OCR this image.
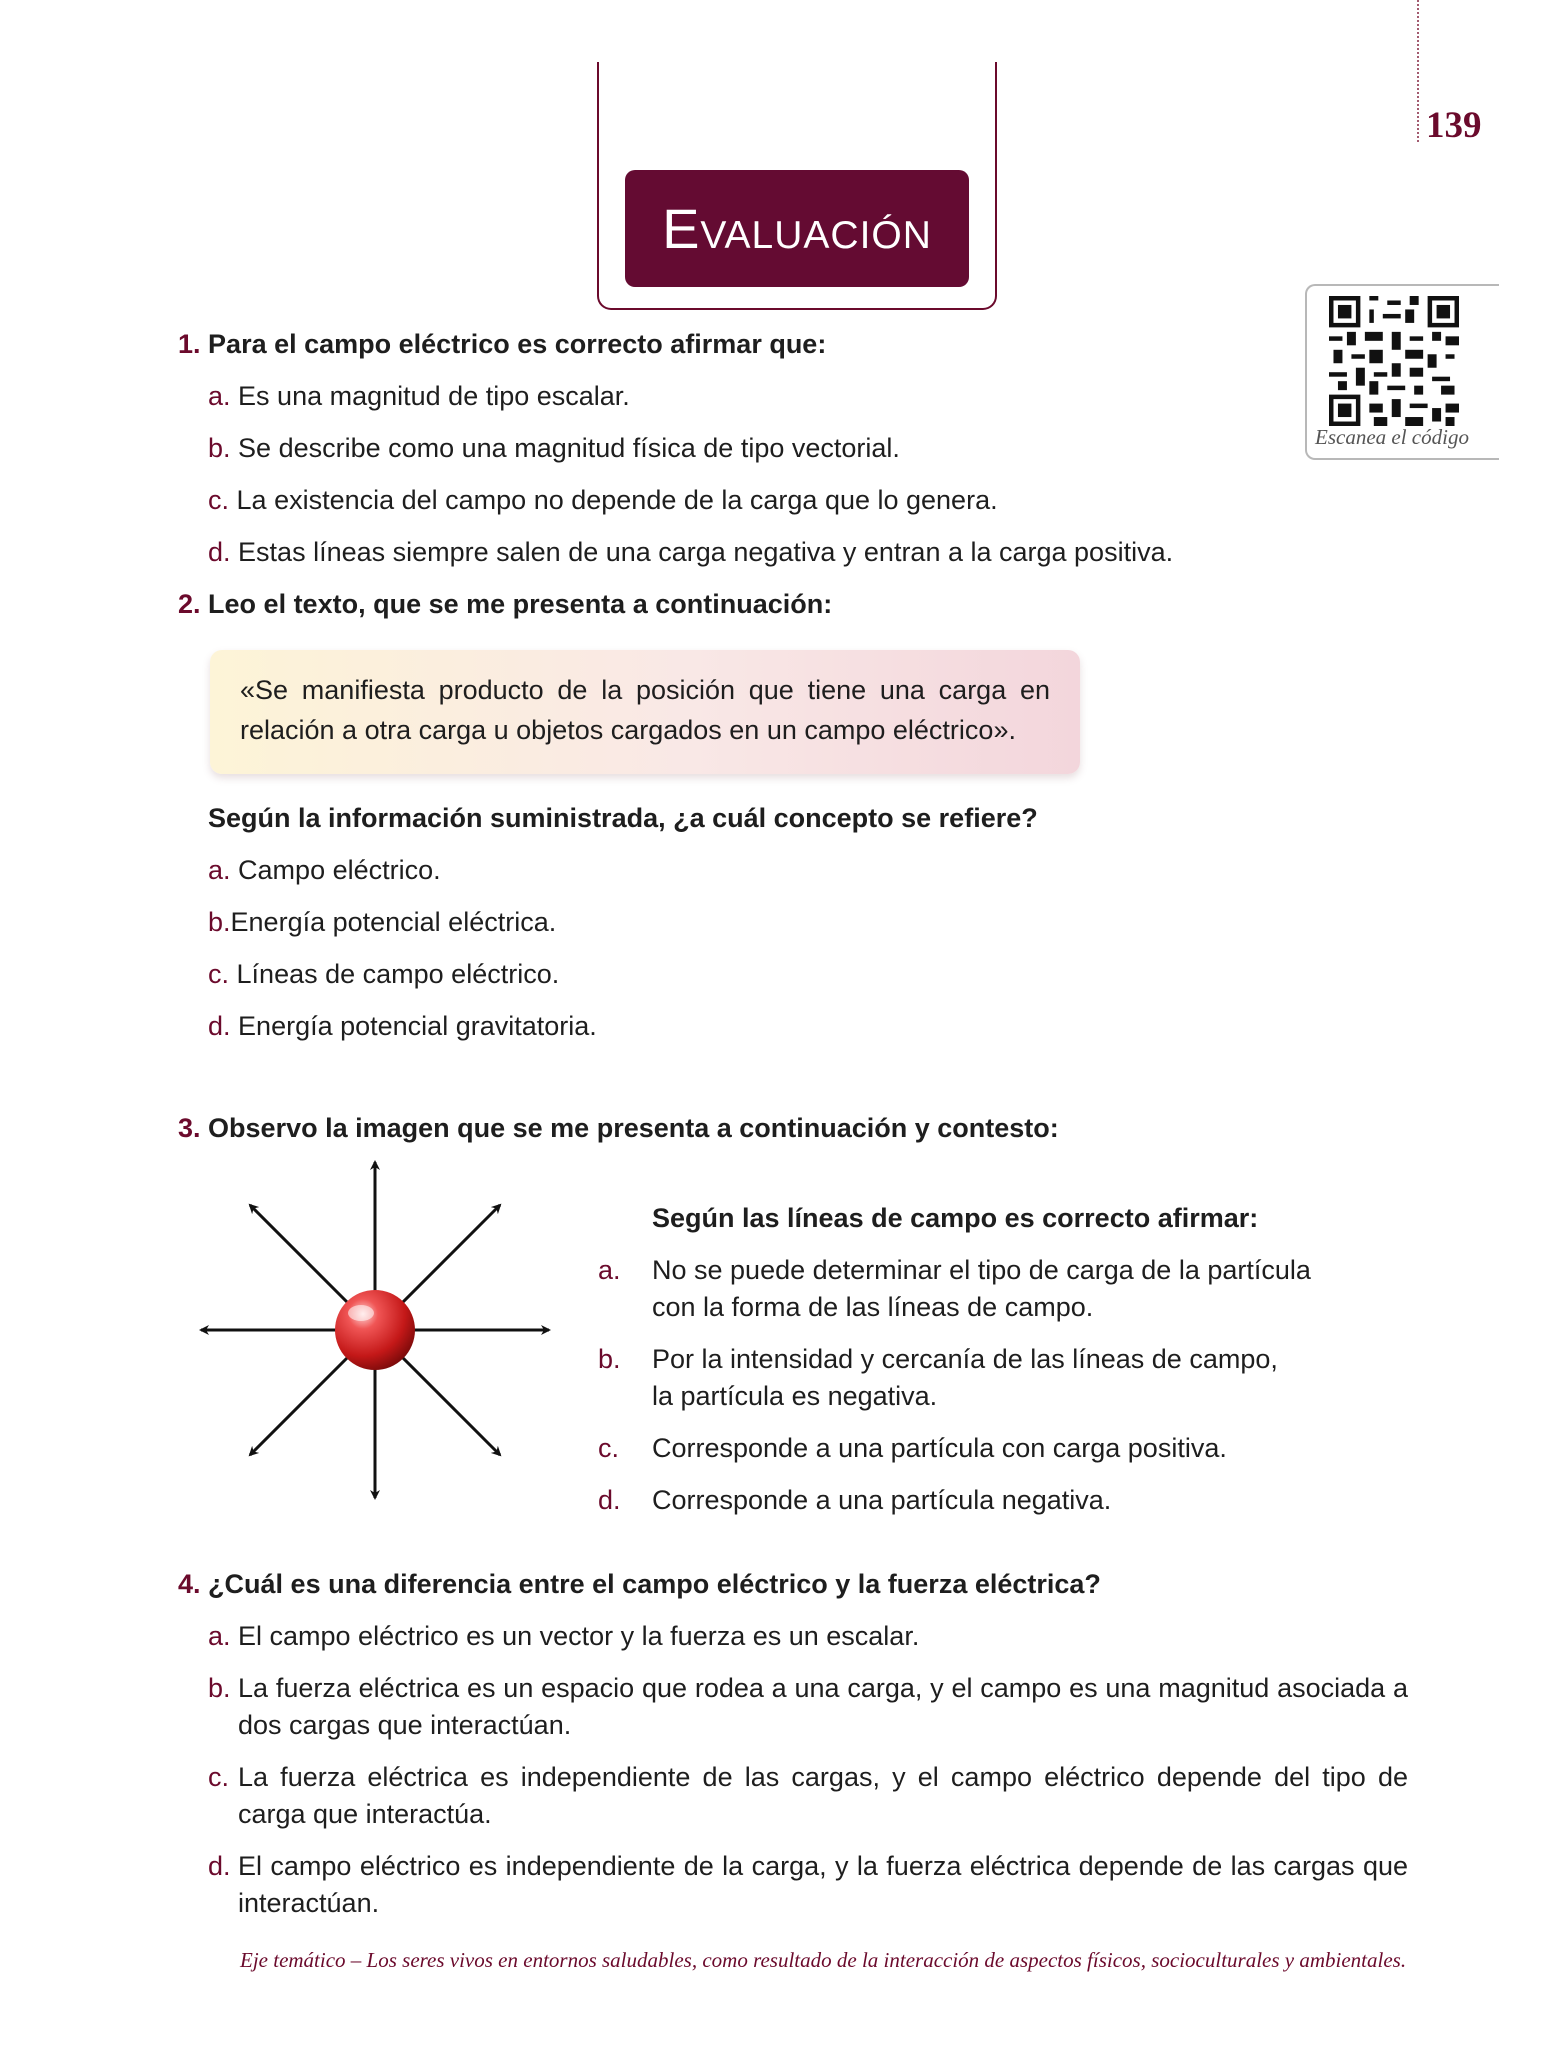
139
Evaluación
Escanea el código
1. Para el campo eléctrico es correcto afirmar que:
a. Es una magnitud de tipo escalar.
b. Se describe como una magnitud física de tipo vectorial.
c. La existencia del campo no depende de la carga que lo genera.
d. Estas líneas siempre salen de una carga negativa y entran a la carga positiva.
2. Leo el texto, que se me presenta a continuación:
«Se manifiesta producto de la posición que tiene una carga en relación a otra carga u objetos cargados en un campo eléctrico».
Según la información suministrada, ¿a cuál concepto se refiere?
a. Campo eléctrico.
b.Energía potencial eléctrica.
c. Líneas de campo eléctrico.
d. Energía potencial gravitatoria.
3. Observo la imagen que se me presenta a continuación y contesto:
Según las líneas de campo es correcto afirmar:
a. No se puede determinar el tipo de carga de la partícula
con la forma de las líneas de campo.
b. Por la intensidad y cercanía de las líneas de campo,
la partícula es negativa.
c. Corresponde a una partícula con carga positiva.
d. Corresponde a una partícula negativa.
4. ¿Cuál es una diferencia entre el campo eléctrico y la fuerza eléctrica?
a. El campo eléctrico es un vector y la fuerza es un escalar.
b. La fuerza eléctrica es un espacio que rodea a una carga, y el campo es una magnitud asociada a dos cargas que interactúan.
c. La fuerza eléctrica es independiente de las cargas, y el campo eléctrico depende del tipo de carga que interactúa.
d. El campo eléctrico es independiente de la carga, y la fuerza eléctrica depende de las cargas que interactúan.
Eje temático – Los seres vivos en entornos saludables, como resultado de la interacción de aspectos físicos, socioculturales y ambientales.
